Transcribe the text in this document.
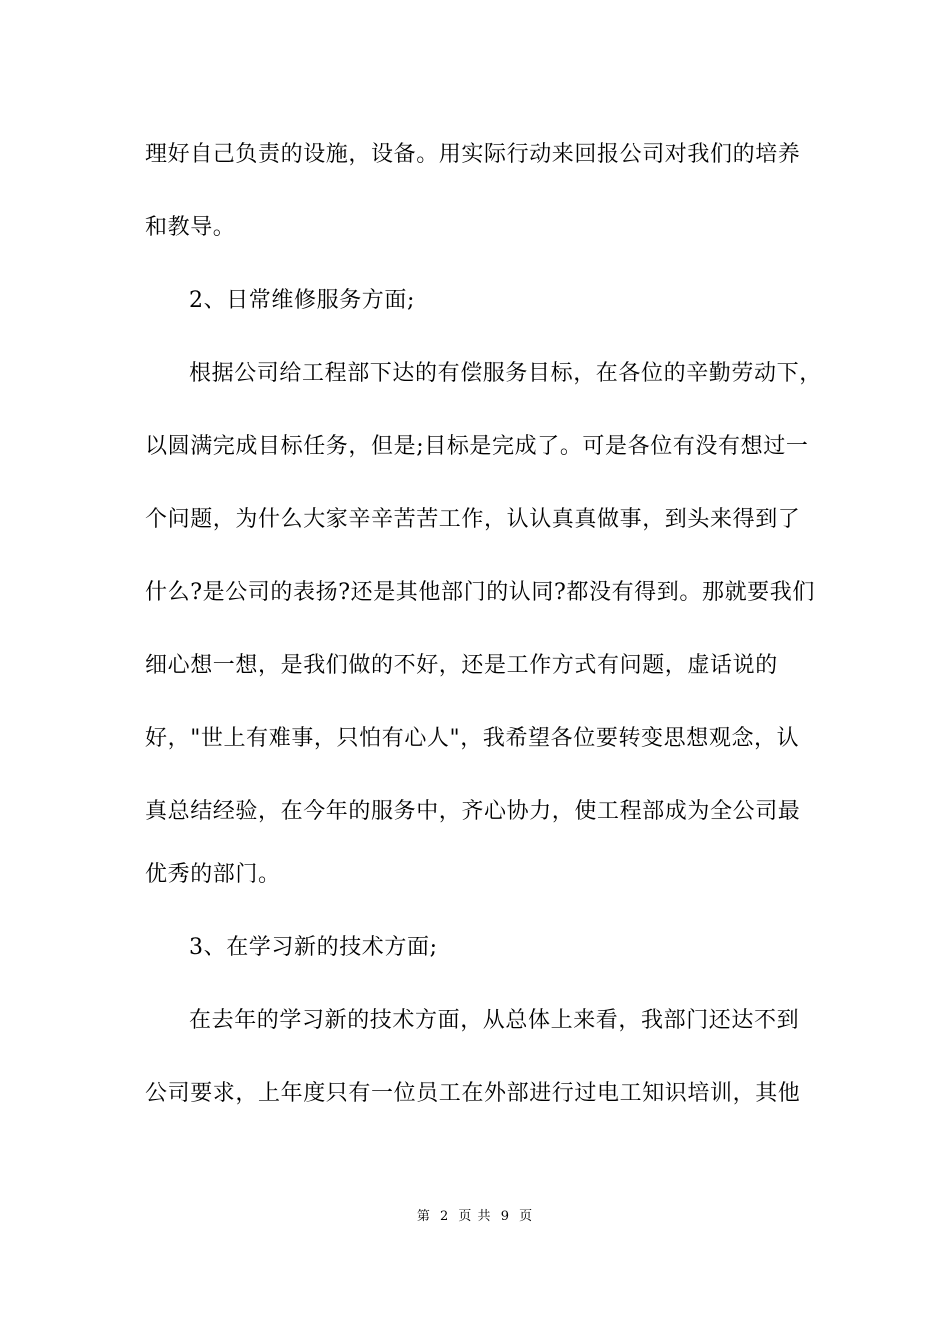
理好自己负责的设施，设备。用实际行动来回报公司对我们的培养
和教导。
2、日常维修服务方面;
根据公司给工程部下达的有偿服务目标，在各位的辛勤劳动下，
以圆满完成目标任务，但是;目标是完成了。可是各位有没有想过一
个问题，为什么大家辛辛苦苦工作，认认真真做事，到头来得到了
什么?是公司的表扬?还是其他部门的认同?都没有得到。那就要我们
细心想一想，是我们做的不好，还是工作方式有问题，虚话说的
好，"世上有难事，只怕有心人"，我希望各位要转变思想观念，认
真总结经验，在今年的服务中，齐心协力，使工程部成为全公司最
优秀的部门。
3、在学习新的技术方面;
在去年的学习新的技术方面，从总体上来看，我部门还达不到
公司要求，上年度只有一位员工在外部进行过电工知识培训，其他
第 2 页 共 9 页
